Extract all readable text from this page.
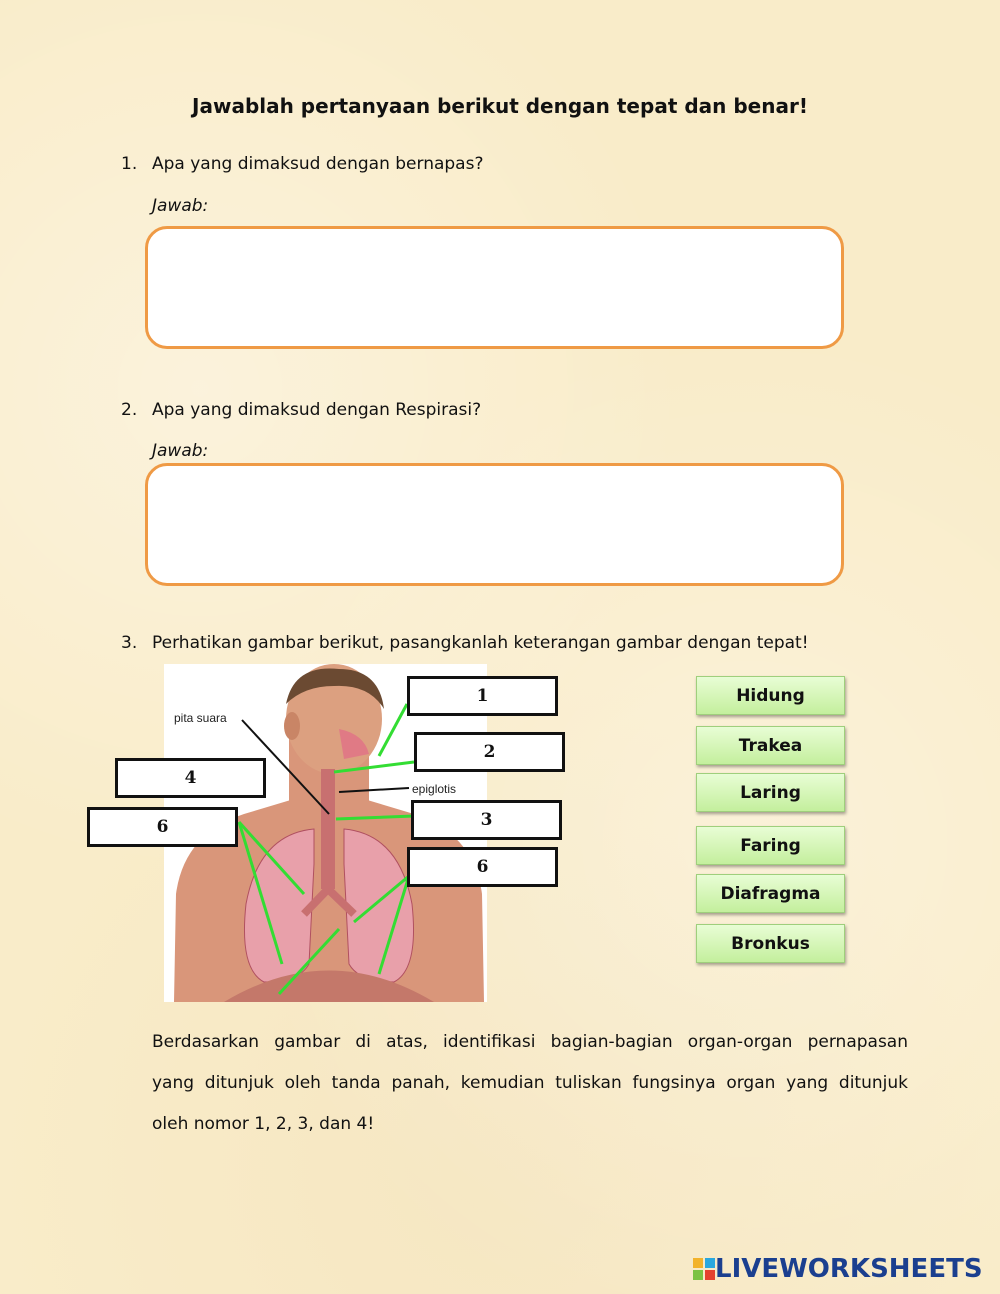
Jawablah pertanyaan berikut dengan tepat dan benar!
1. Apa yang dimaksud dengan bernapas?
Jawab:
2. Apa yang dimaksud dengan Respirasi?
Jawab:
3. Perhatikan gambar berikut, pasangkanlah keterangan gambar dengan tepat!
pita suara
epiglotis
1
2
4
3
6
6
Hidung
Trakea
Laring
Faring
Diafragma
Bronkus

Berdasarkan gambar di atas, identifikasi bagian-bagian organ-organ pernapasan

yang ditunjuk oleh tanda panah, kemudian tuliskan fungsinya organ yang ditunjuk

oleh nomor 1, 2, 3, dan 4!

LIVEWORKSHEETS
